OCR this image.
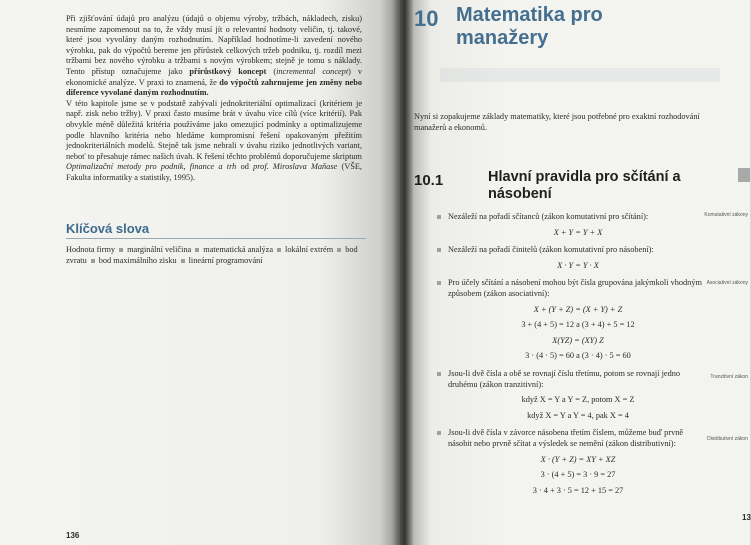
Při zjišťování údajů pro analýzu (údajů o objemu výroby, tržbách, nákladech, zisku) nesmíme zapomenout na to, že vždy musí jít o relevantní hodnoty veličin, tj. takové, které jsou vyvolány daným rozhodnutím. Například hodnotíme-li zavedení nového výrobku, pak do výpočtů bereme jen přírůstek celkových tržeb podniku, tj. rozdíl mezi tržbami bez nového výrobku a tržbami s novým výrobkem; stejně je tomu s náklady. Tento přístup označujeme jako přírůstkový koncept (incremental concept) v ekonomické analýze. V praxi to znamená, že do výpočtů zahrnujeme jen změny nebo diference vyvolané daným rozhodnutím.

V této kapitole jsme se v podstatě zabývali jednokriteriální optimalizací (kritériem je např. zisk nebo tržby). V praxi často musíme brát v úvahu více cílů (více kritérií). Pak obvykle méně důležitá kritéria používáme jako omezující podmínky a optimalizujeme podle hlavního kritéria nebo hledáme kompromisní řešení opakovaným přežitím jednokriteriálních modelů. Stejně tak jsme nebrali v úvahu riziko jednotlivých variant, neboť to přesahuje rámec našich úvah. K řešení těchto problémů doporučujeme skriptum Optimalizační metody pro podnik, finance a trh od prof. Miroslava Maňase (VŠE, Fakulta informatiky a statistiky, 1995).

Klíčová slova
Hodnota firmy marginální veličina matematická analýza lokální extrém bod zvratu bod maximálního zisku lineární programování
136
10 Matematika pro manažery
Nyní si zopakujeme základy matematiky, které jsou potřebné pro exaktní rozhodování manažerů a ekonomů.
10.1	Hlavní pravidla pro sčítání a násobení
Nezáleží na pořadí sčítanců (zákon komutativní pro sčítání):
X + Y = Y + X
Nezáleží na pořadí činitelů (zákon komutativní pro násobení):
X · Y = Y · X
Pro účely sčítání a násobení mohou být čísla grupována jakýmkoli vhodným způsobem (zákon asociativní):
X + (Y + Z) = (X + Y) + Z
3 + (4 + 5) = 12 a (3 + 4) + 5 = 12
X(YZ) = (XY) Z
3 · (4 · 5) = 60 a (3 · 4) · 5 = 60
Jsou-li dvě čísla a obě se rovnají číslu třetímu, potom se rovnají jedno druhému (zákon tranzitivní):
když X = Y a Y = Z, potom X = Z
když X = Y a Y = 4, pak X = 4
Jsou-li dvě čísla v závorce násobena třetím číslem, můžeme buď prvně násobit nebo prvně sčítat a výsledek se nemění (zákon distributivní):
X · (Y + Z) = XY + XZ
3 · (4 + 5) = 3 · 9 = 27
3 · 4 + 3 · 5 = 12 + 15 = 27
Komutativní zákony
Asociativní zákony
Tranzitivní zákon
Distributivní zákon
13
